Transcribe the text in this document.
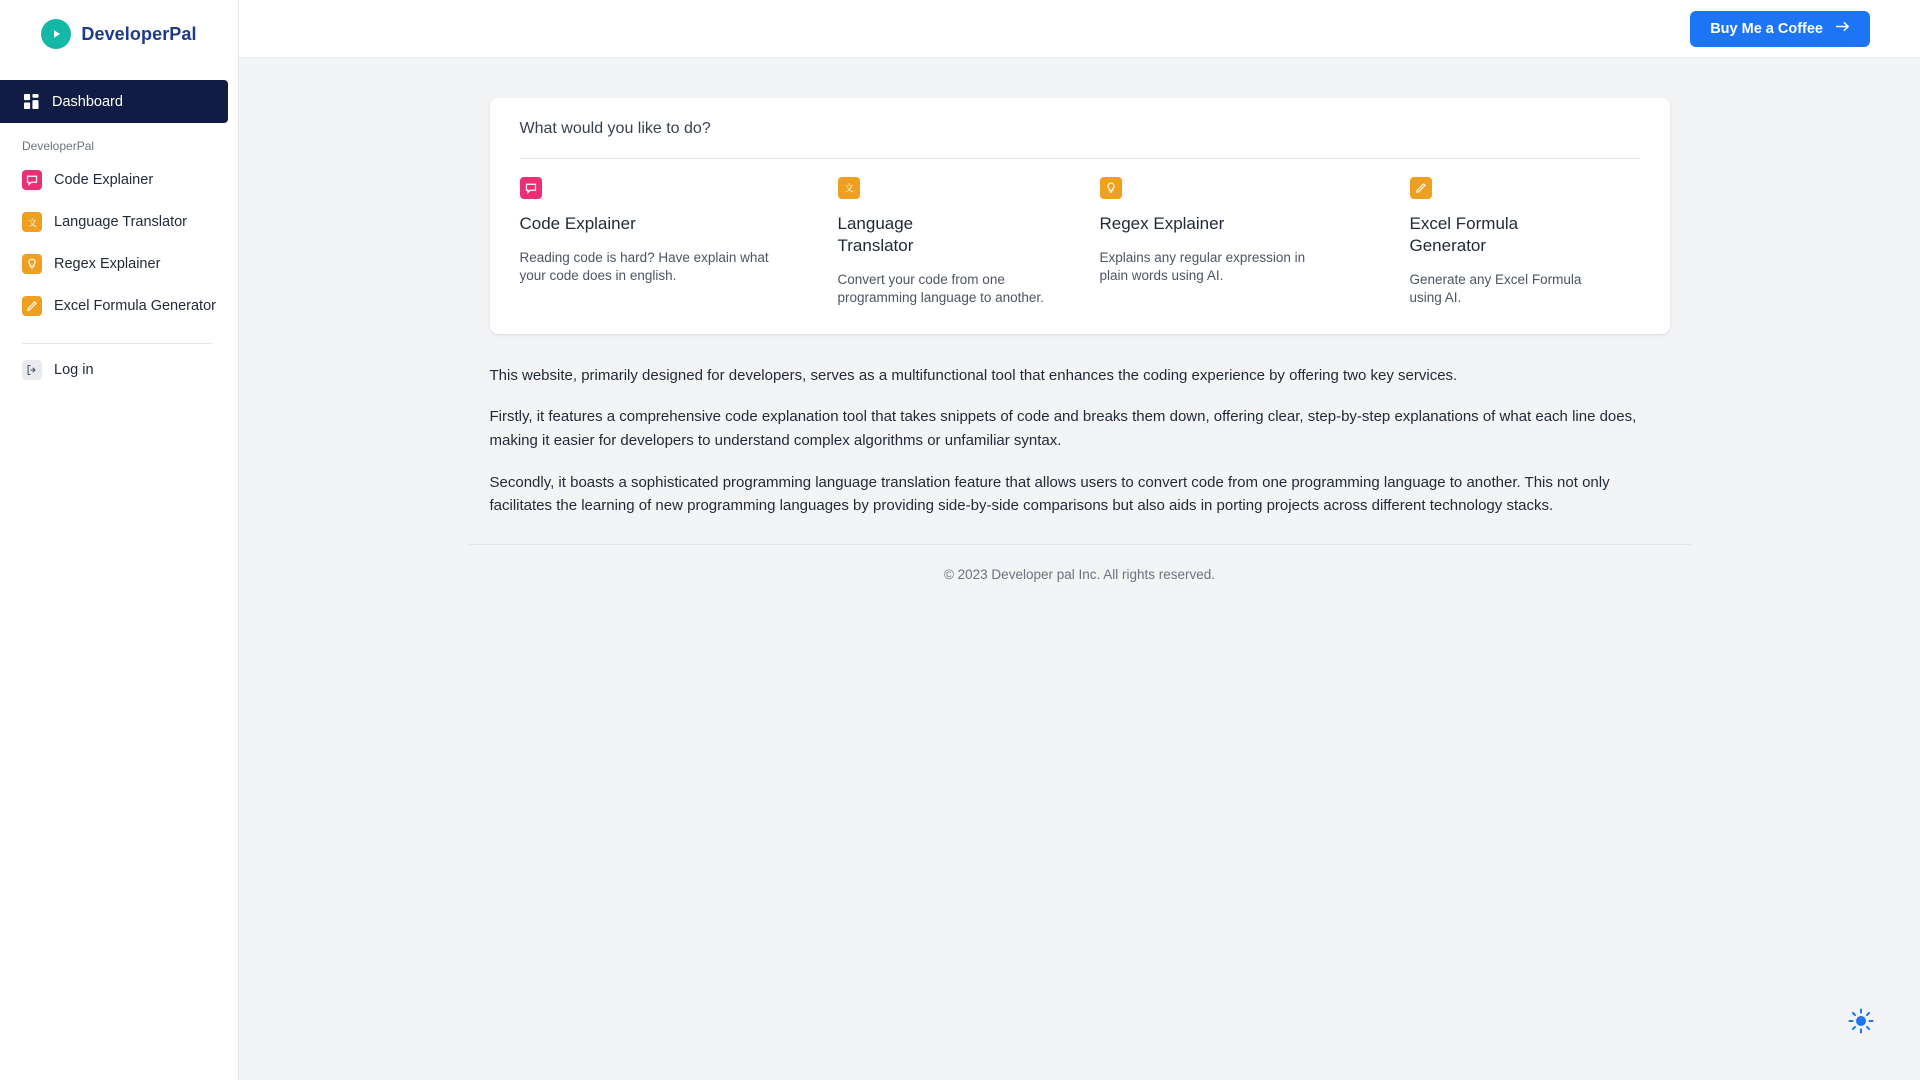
DeveloperPal
Dashboard
DeveloperPal
Code Explainer
文 Language Translator
Regex Explainer
Excel Formula Generator
Log in
Buy Me a Coffee
What would you like to do?
Code Explainer
Reading code is hard? Have explain what your code does in english.
文
Language Translator
Convert your code from one programming language to another.
Regex Explainer
Explains any regular expression in plain words using AI.
Excel Formula Generator
Generate any Excel Formula using AI.

This website, primarily designed for developers, serves as a multifunctional tool that enhances the coding experience by offering two key services.

Firstly, it features a comprehensive code explanation tool that takes snippets of code and breaks them down, offering clear, step-by-step explanations of what each line does, making it easier for developers to understand complex algorithms or unfamiliar syntax.

Secondly, it boasts a sophisticated programming language translation feature that allows users to convert code from one programming language to another. This not only facilitates the learning of new programming languages by providing side-by-side comparisons but also aids in porting projects across different technology stacks.

© 2023 Developer pal Inc. All rights reserved.
